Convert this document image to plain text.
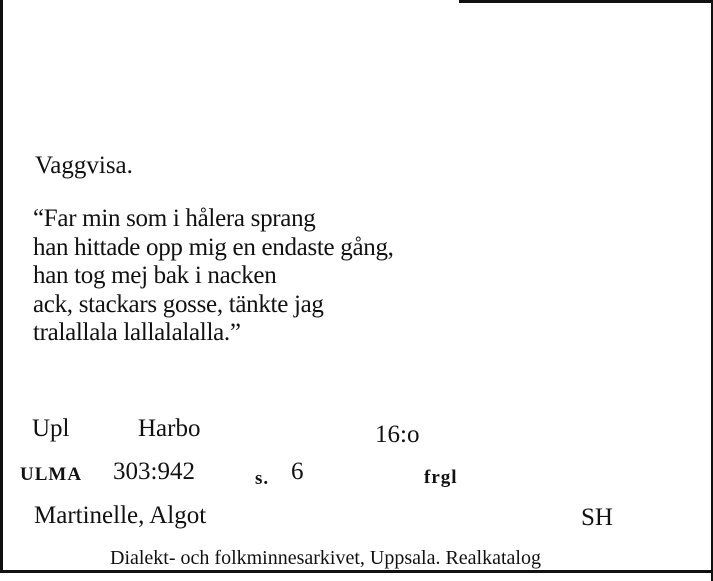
Vaggvisa.
“Far min som i hålera sprang
han hittade opp mig en endaste gång,
han tog mej bak i nacken
ack, stackars gosse, tänkte jag
tralallala lallalalalla.”
Upl	Harbo	16:o
ULMA 303:942	s. 6	frgl
Martinelle, Algot	SH
Dialekt- och folkminnesarkivet, Uppsala. Realkatalog
